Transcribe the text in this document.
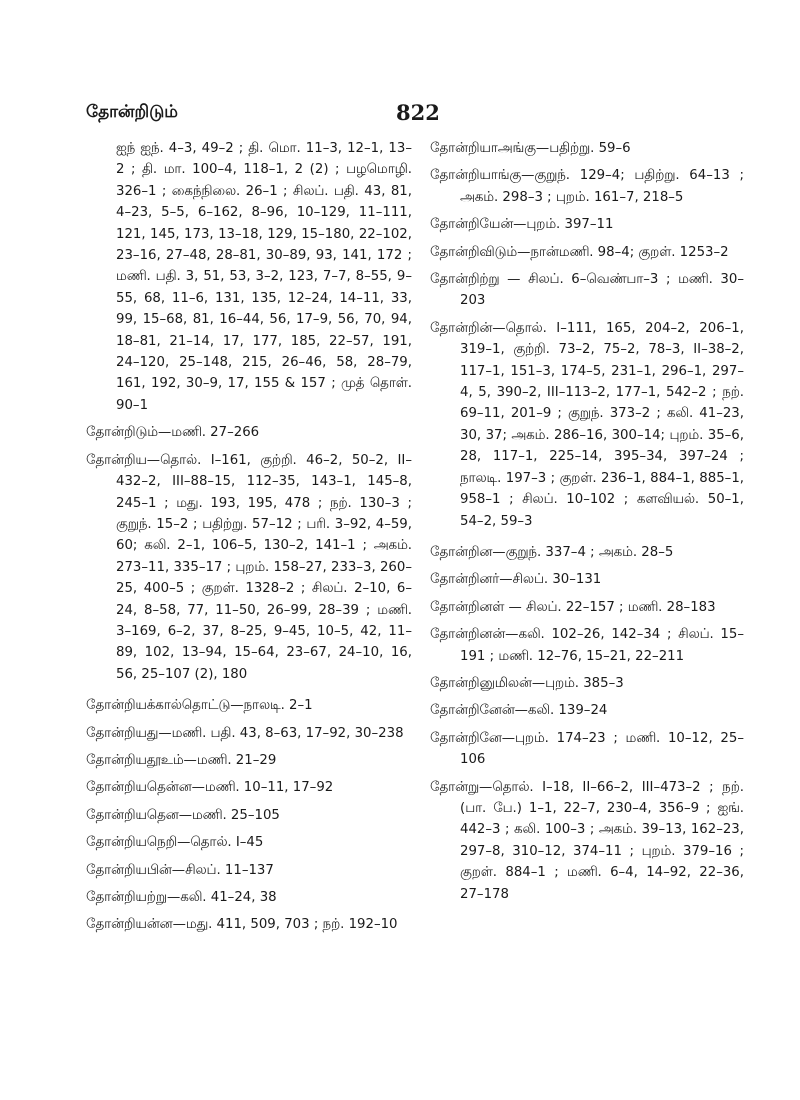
தோன்றிடும்	822
ஐந் ஐந். 4–3, 49–2 ; தி. மொ. 11–3, 12–1, 13–2 ; தி. மா. 100–4, 118–1, 2 (2) ; பழமொழி. 326–1 ; கைந்நிலை. 26–1 ; சிலப். பதி. 43, 81, 4–23, 5–5, 6–162, 8–96, 10–129, 11–111, 121, 145, 173, 13–18, 129, 15–180, 22–102, 23–16, 27–48, 28–81, 30–89, 93, 141, 172 ; மணி. பதி. 3, 51, 53, 3–2, 123, 7–7, 8–55, 9–55, 68, 11–6, 131, 135, 12–24, 14–11, 33, 99, 15–68, 81, 16–44, 56, 17–9, 56, 70, 94, 18–81, 21–14, 17, 177, 185, 22–57, 191, 24–120, 25–148, 215, 26–46, 58, 28–79, 161, 192, 30–9, 17, 155 & 157 ; முத் தொள். 90–1
தோன்றிடும்—மணி. 27–266
தோன்றிய—தொல். I–161, குற்றி. 46–2, 50–2, II–432–2, III–88–15, 112–35, 143–1, 145–8, 245–1 ; மது. 193, 195, 478 ; நற். 130–3 ; குறுந். 15–2 ; பதிற்று. 57–12 ; பரி. 3–92, 4–59, 60; கலி. 2–1, 106–5, 130–2, 141–1 ; அகம். 273–11, 335–17 ; புறம். 158–27, 233–3, 260–25, 400–5 ; குறள். 1328–2 ; சிலப். 2–10, 6–24, 8–58, 77, 11–50, 26–99, 28–39 ; மணி. 3–169, 6–2, 37, 8–25, 9–45, 10–5, 42, 11–89, 102, 13–94, 15–64, 23–67, 24–10, 16, 56, 25–107 (2), 180
தோன்றியக்கால்தொட்டு—நாலடி. 2–1
தோன்றியது—மணி. பதி. 43, 8–63, 17–92, 30–238
தோன்றியதூஉம்—மணி. 21–29
தோன்றியதென்ன—மணி. 10–11, 17–92
தோன்றியதென—மணி. 25–105
தோன்றியநெறி—தொல். I–45
தோன்றியபின்—சிலப். 11–137
தோன்றியற்று—கலி. 41–24, 38
தோன்றியன்ன—மது. 411, 509, 703 ; நற். 192–10
தோன்றியாஅங்கு—பதிற்று. 59–6
தோன்றியாங்கு—குறுந். 129–4; பதிற்று. 64–13 ; அகம். 298–3 ; புறம். 161–7, 218–5
தோன்றியேன்—புறம். 397–11
தோன்றிவிடும்—நான்மணி. 98–4; குறள். 1253–2
தோன்றிற்று — சிலப். 6–வெண்பா–3 ; மணி. 30–203
தோன்றின்—தொல். I–111, 165, 204–2, 206–1, 319–1, குற்றி. 73–2, 75–2, 78–3, II–38–2, 117–1, 151–3, 174–5, 231–1, 296–1, 297–4, 5, 390–2, III–113–2, 177–1, 542–2 ; நற். 69–11, 201–9 ; குறுந். 373–2 ; கலி. 41–23, 30, 37; அகம். 286–16, 300–14; புறம். 35–6, 28, 117–1, 225–14, 395–34, 397–24 ; நாலடி. 197–3 ; குறள். 236–1, 884–1, 885–1, 958–1 ; சிலப். 10–102 ; களவியல். 50–1, 54–2, 59–3
தோன்றின—குறுந். 337–4 ; அகம். 28–5
தோன்றினர்—சிலப். 30–131
தோன்றினள் — சிலப். 22–157 ; மணி. 28–183
தோன்றினன்—கலி. 102–26, 142–34 ; சிலப். 15–191 ; மணி. 12–76, 15–21, 22–211
தோன்றினுமிலன்—புறம். 385–3
தோன்றினேன்—கலி. 139–24
தோன்றினே—புறம். 174–23 ; மணி. 10–12, 25–106
தோன்று—தொல். I–18, II–66–2, III–473–2 ; நற். (பா. பே.) 1–1, 22–7, 230–4, 356–9 ; ஐங். 442–3 ; கலி. 100–3 ; அகம். 39–13, 162–23, 297–8, 310–12, 374–11 ; புறம். 379–16 ; குறள். 884–1 ; மணி. 6–4, 14–92, 22–36, 27–178
